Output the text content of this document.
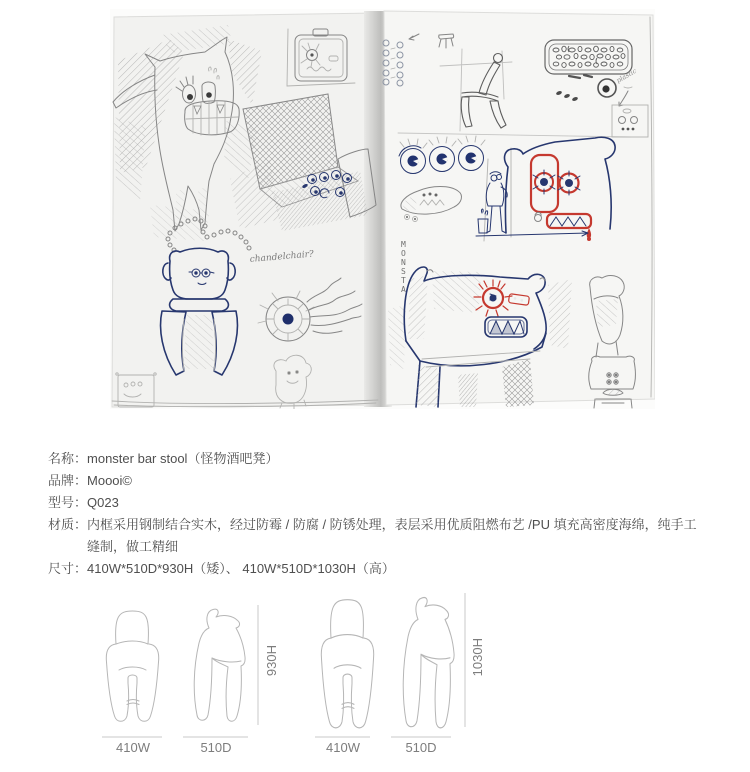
chandelchair?
plastic
M
O
N
S
T
A
名称： monster bar stool（怪物酒吧凳）
品牌： Moooi©
型号： Q023
材质： 内框采用钢制结合实木，经过防霉 / 防腐 / 防锈处理，表层采用优质阻燃布艺 /PU 填充高密度海绵，纯手工缝制，做工精细
尺寸： 410W*510D*930H（矮）、 410W*510D*1030H（高）
410W	510D	410W	510D
930H	1030H
